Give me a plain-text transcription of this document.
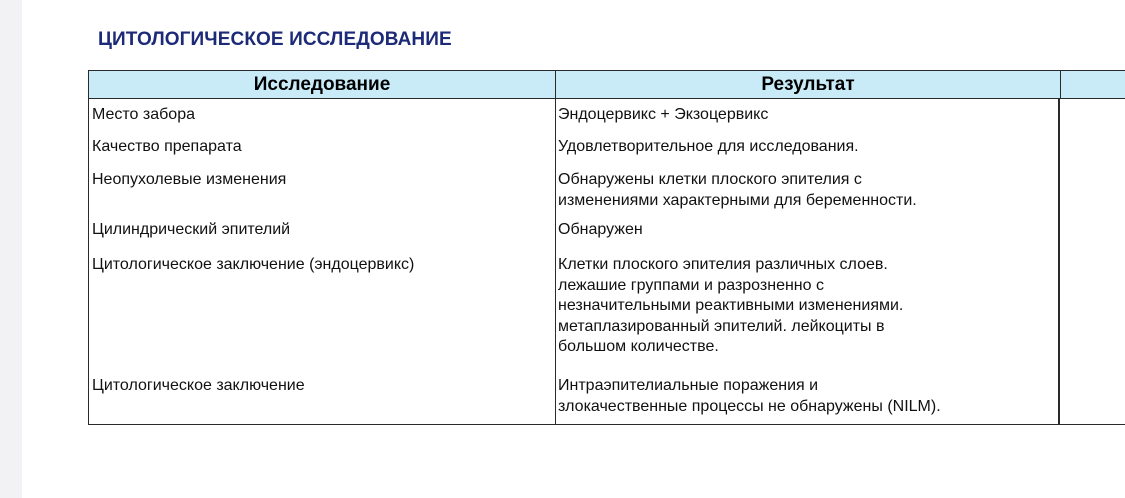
ЦИТОЛОГИЧЕСКОЕ ИССЛЕДОВАНИЕ
Исследование	Результат
Место забора	Эндоцервикс + Экзоцервикс
Качество препарата	Удовлетворительное для исследования.
Неопухолевые изменения	Обнаружены клетки плоского эпителия с
изменениями характерными для беременности.
Цилиндрический эпителий	Обнаружен
Цитологическое заключение (эндоцервикс)	Клетки плоского эпителия различных слоев.
лежашие группами и разрозненно с
незначительными реактивными изменениями.
метаплазированный эпителий. лейкоциты в
большом количестве.
Цитологическое заключение	Интраэпителиальные поражения и
злокачественные процессы не обнаружены (NILM).
